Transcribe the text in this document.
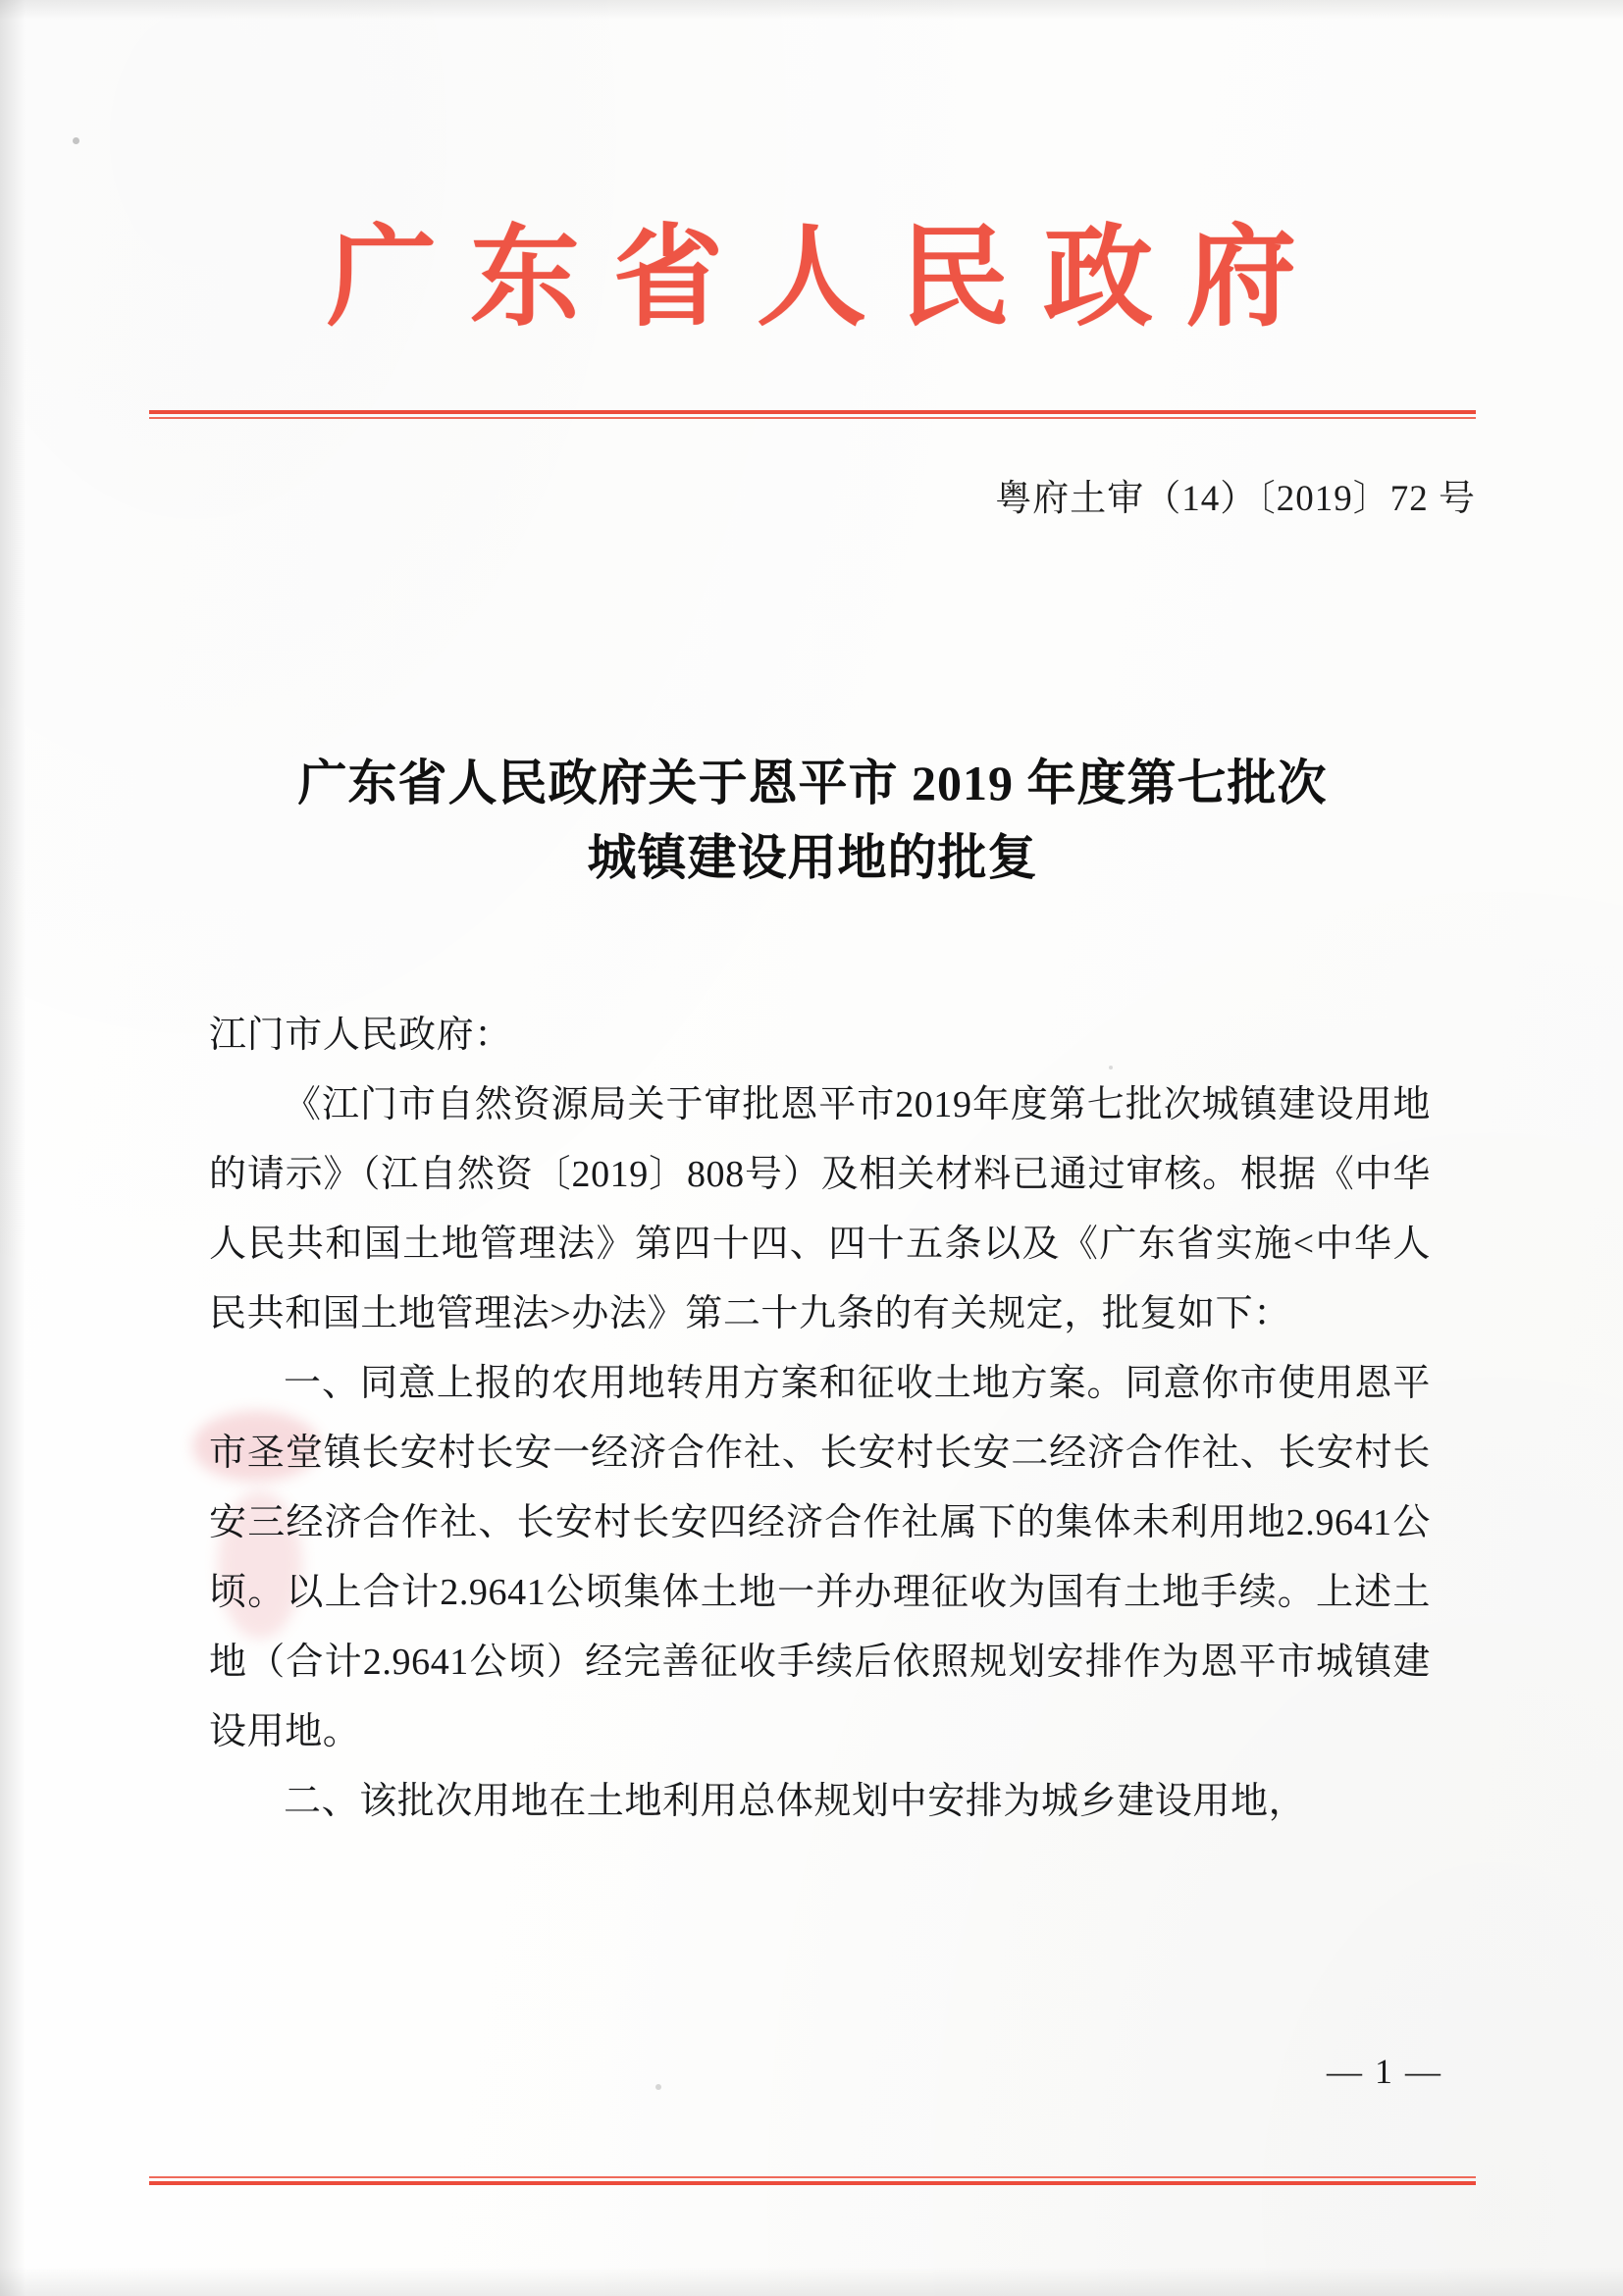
广 东 省 人 民 政 府
粤府土审（14）〔2019〕72 号
广东省人民政府关于恩平市 2019 年度第七批次
城镇建设用地的批复

江门市人民政府：

《江门市自然资源局关于审批恩平市2019年度第七批次城镇建设用地的请示》（江自然资〔2019〕808号）及相关材料已通过审核。根据《中华人民共和国土地管理法》第四十四、四十五条以及《广东省实施<中华人民共和国土地管理法>办法》第二十九条的有关规定，批复如下：

一、同意上报的农用地转用方案和征收土地方案。同意你市使用恩平市圣堂镇长安村长安一经济合作社、长安村长安二经济合作社、长安村长安三经济合作社、长安村长安四经济合作社属下的集体未利用地2.9641公顷。以上合计2.9641公顷集体土地一并办理征收为国有土地手续。上述土地（合计2.9641公顷）经完善征收手续后依照规划安排作为恩平市城镇建设用地。

二、该批次用地在土地利用总体规划中安排为城乡建设用地，

— 1 —
